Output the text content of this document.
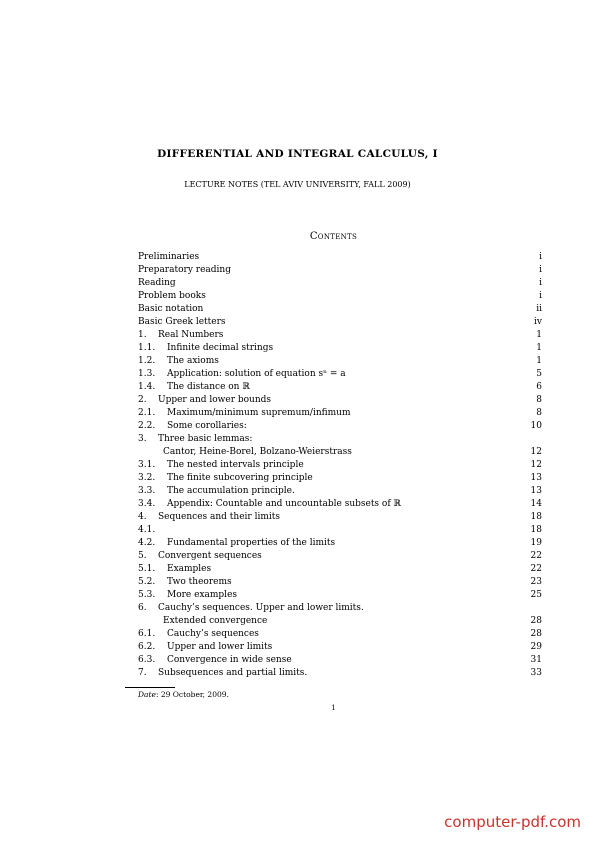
DIFFERENTIAL AND INTEGRAL CALCULUS, I
LECTURE NOTES (TEL AVIV UNIVERSITY, FALL 2009)
Contents
Preliminaries	i
Preparatory reading	i
Reading	i
Problem books	i
Basic notation	ii
Basic Greek letters	iv
1. Real Numbers	1
1.1. Infinite decimal strings	1
1.2. The axioms	1
1.3. Application: solution of equation sⁿ = a	5
1.4. The distance on ℝ	6
2. Upper and lower bounds	8
2.1. Maximum/minimum supremum/infimum	8
2.2. Some corollaries:	10
3. Three basic lemmas:
Cantor, Heine-Borel, Bolzano-Weierstrass	12
3.1. The nested intervals principle	12
3.2. The finite subcovering principle	13
3.3. The accumulation principle.	13
3.4. Appendix: Countable and uncountable subsets of ℝ	14
4. Sequences and their limits	18
4.1.	18
4.2. Fundamental properties of the limits	19
5. Convergent sequences	22
5.1. Examples	22
5.2. Two theorems	23
5.3. More examples	25
6. Cauchy’s sequences. Upper and lower limits.
Extended convergence	28
6.1. Cauchy’s sequences	28
6.2. Upper and lower limits	29
6.3. Convergence in wide sense	31
7. Subsequences and partial limits.	33
Date: 29 October, 2009.
1
computer-pdf.com
